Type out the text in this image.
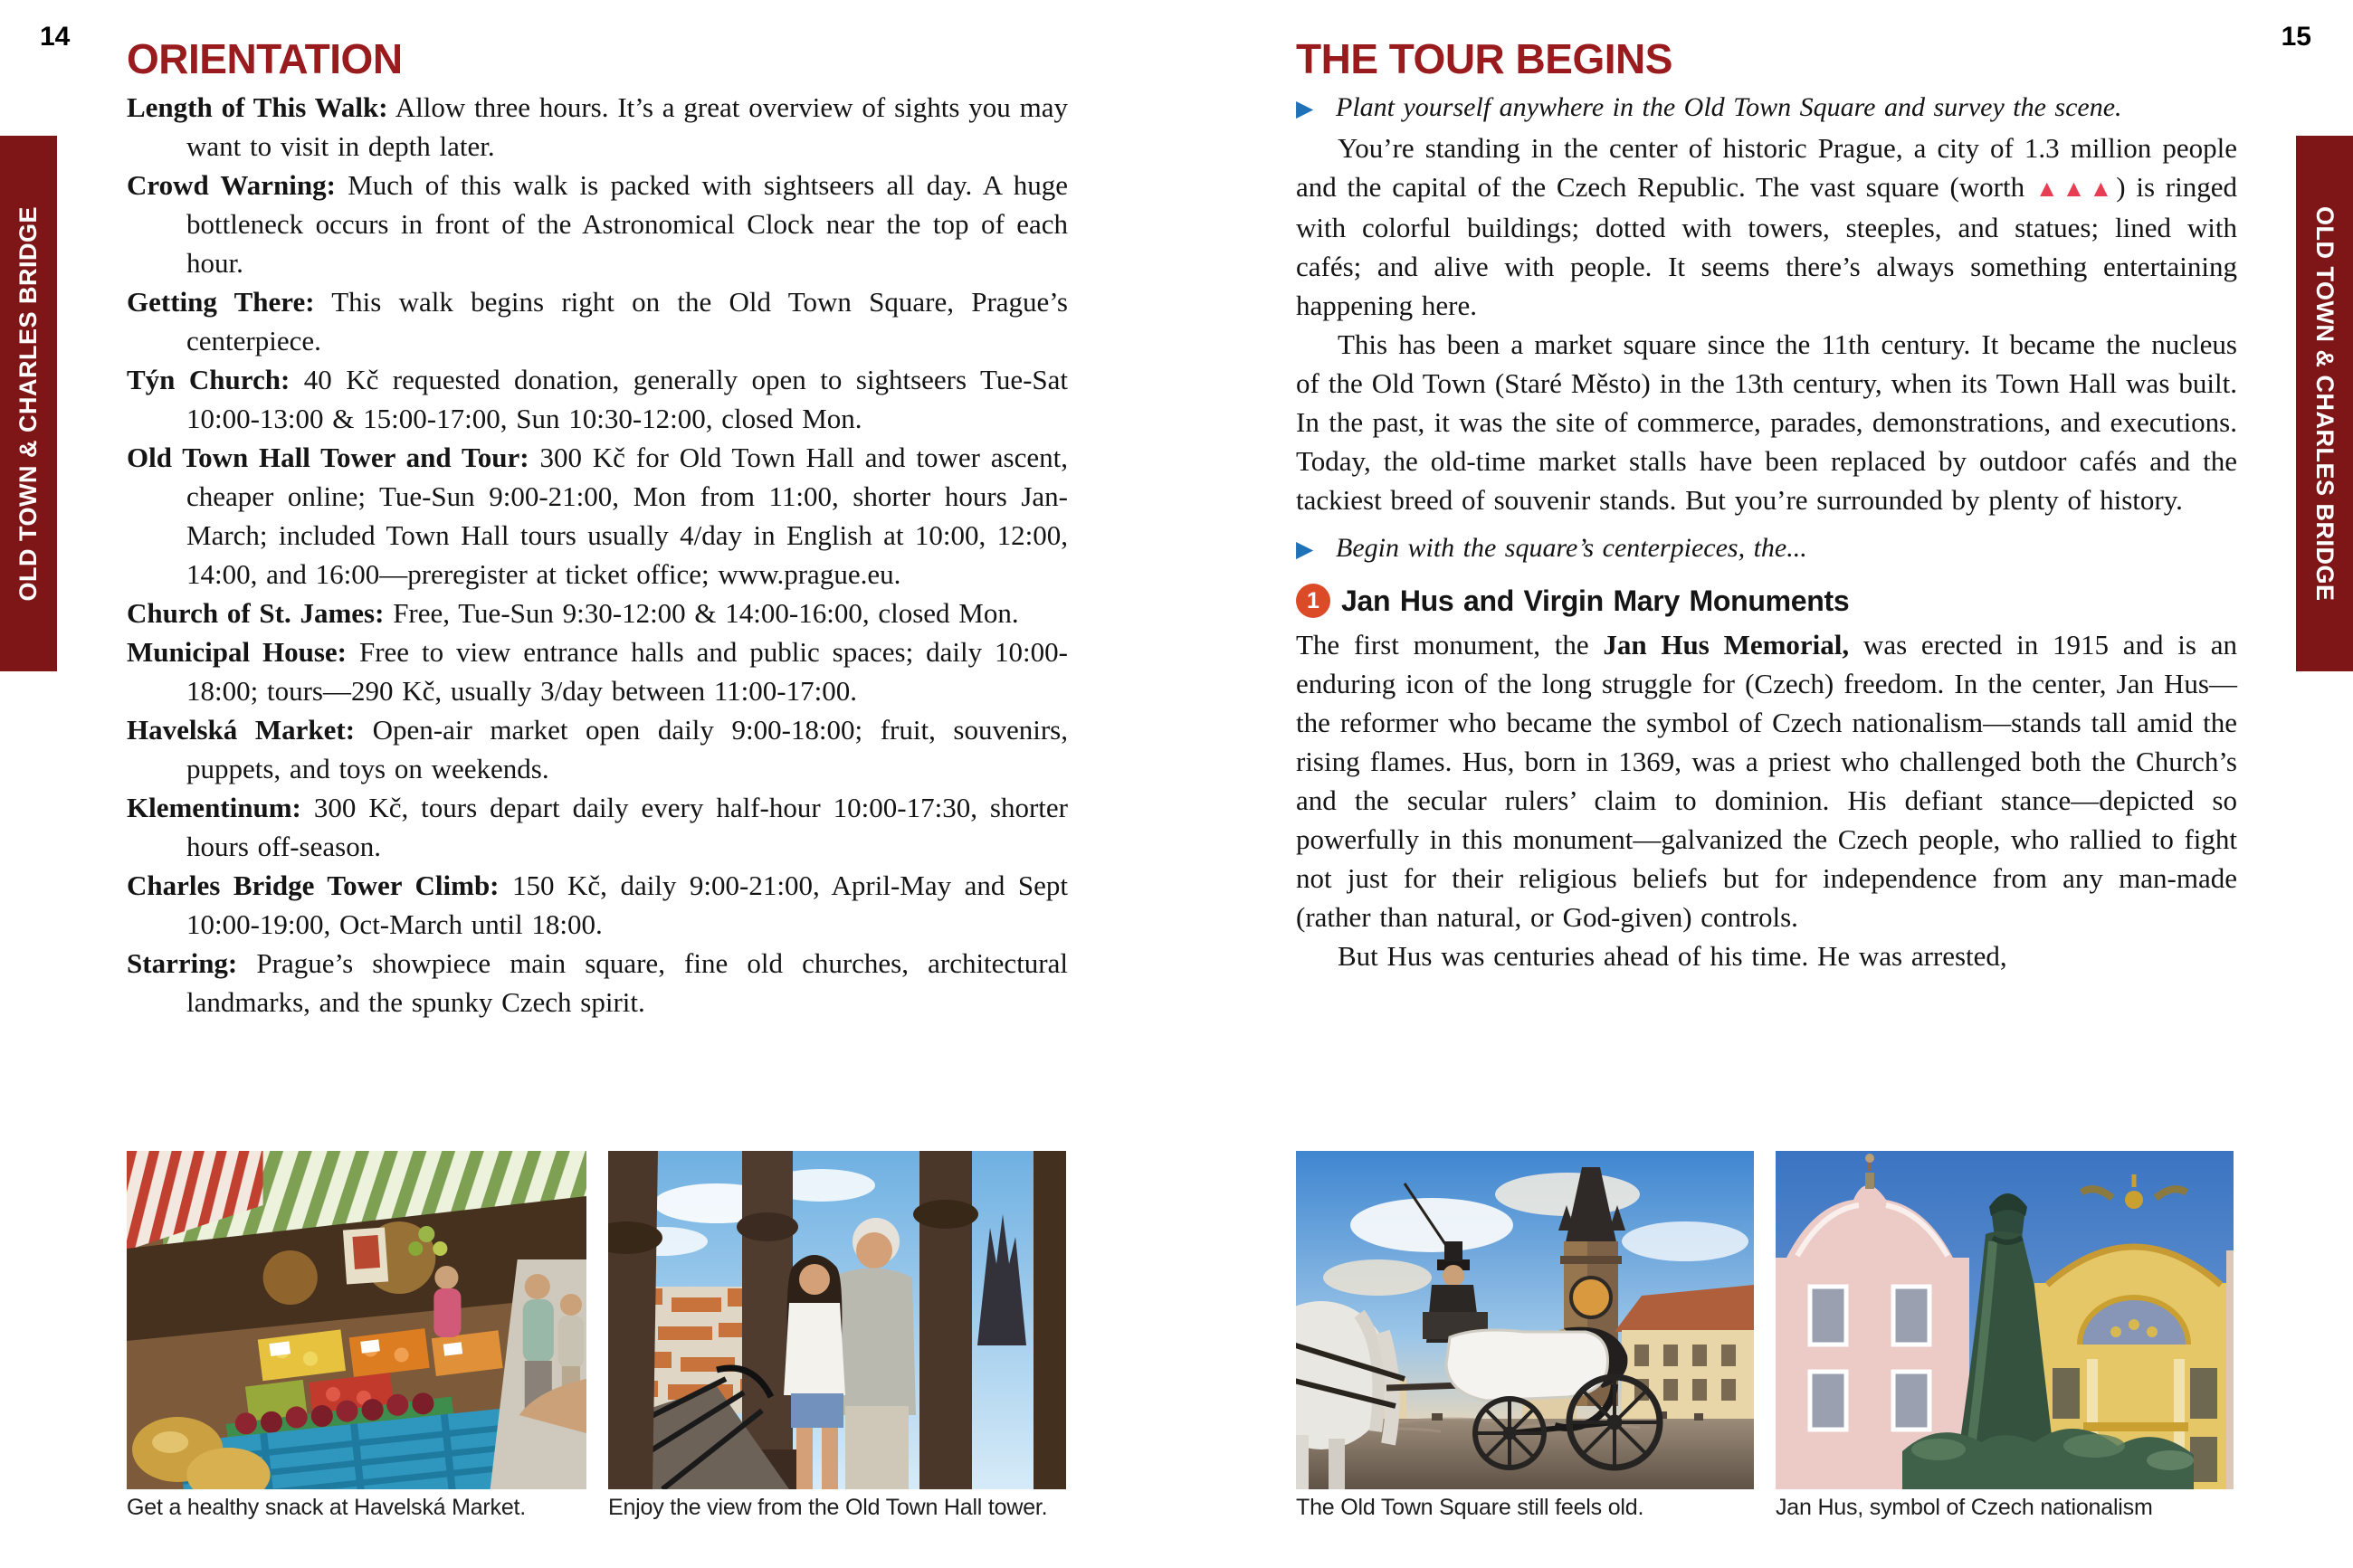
14	15
OLD TOWN & CHARLES BRIDGE	OLD TOWN & CHARLES BRIDGE
ORIENTATION	THE TOUR BEGINS
Length of This Walk: Allow three hours. It’s a great overview of sights you may want to visit in depth later.
Crowd Warning: Much of this walk is packed with sightseers all day. A huge bottleneck occurs in front of the Astronomical Clock near the top of each hour.
Getting There: This walk begins right on the Old Town Square, Prague’s centerpiece.
Týn Church: 40 Kč requested donation, generally open to sightseers Tue-Sat 10:00-13:00 & 15:00-17:00, Sun 10:30-12:00, closed Mon.
Old Town Hall Tower and Tour: 300 Kč for Old Town Hall and tower ascent, cheaper online; Tue-Sun 9:00-21:00, Mon from 11:00, shorter hours Jan-March; included Town Hall tours usually 4/day in English at 10:00, 12:00, 14:00, and 16:00—preregister at ticket office; www.prague.eu.
Church of St. James: Free, Tue-Sun 9:30-12:00 & 14:00-16:00, closed Mon.
Municipal House: Free to view entrance halls and public spaces; daily 10:00-18:00; tours—290 Kč, usually 3/day between 11:00-17:00.
Havelská Market: Open-air market open daily 9:00-18:00; fruit, souvenirs, puppets, and toys on weekends.
Klementinum: 300 Kč, tours depart daily every half-hour 10:00-17:30, shorter hours off-season.
Charles Bridge Tower Climb: 150 Kč, daily 9:00-21:00, April-May and Sept 10:00-19:00, Oct-March until 18:00.
Starring: Prague’s showpiece main square, fine old churches, architectural landmarks, and the spunky Czech spirit.
▶ Plant yourself anywhere in the Old Town Square and survey the scene.

You’re standing in the center of historic Prague, a city of 1.3 million people and the capital of the Czech Republic. The vast square (worth ▲▲▲) is ringed with colorful buildings; dotted with towers, steeples, and statues; lined with cafés; and alive with people. It seems there’s always something entertaining happening here.

This has been a market square since the 11th century. It became the nucleus of the Old Town (Staré Město) in the 13th century, when its Town Hall was built. In the past, it was the site of commerce, parades, demonstrations, and executions. Today, the old-time market stalls have been replaced by outdoor cafés and the tackiest breed of souvenir stands. But you’re surrounded by plenty of history.

▶ Begin with the square’s centerpieces, the...
1 Jan Hus and Virgin Mary Monuments

The first monument, the Jan Hus Memorial, was erected in 1915 and is an enduring icon of the long struggle for (Czech) freedom. In the center, Jan Hus—the reformer who became the symbol of Czech nationalism—stands tall amid the rising flames. Hus, born in 1369, was a priest who challenged both the Church’s and the secular rulers’ claim to dominion. His defiant stance—depicted so powerfully in this monument—galvanized the Czech people, who rallied to fight not just for their religious beliefs but for independence from any man-made (rather than natural, or God-given) controls.

But Hus was centuries ahead of his time. He was arrested,

Get a healthy snack at Havelská Market.	Enjoy the view from the Old Town Hall tower.	The Old Town Square still feels old.	Jan Hus, symbol of Czech nationalism
